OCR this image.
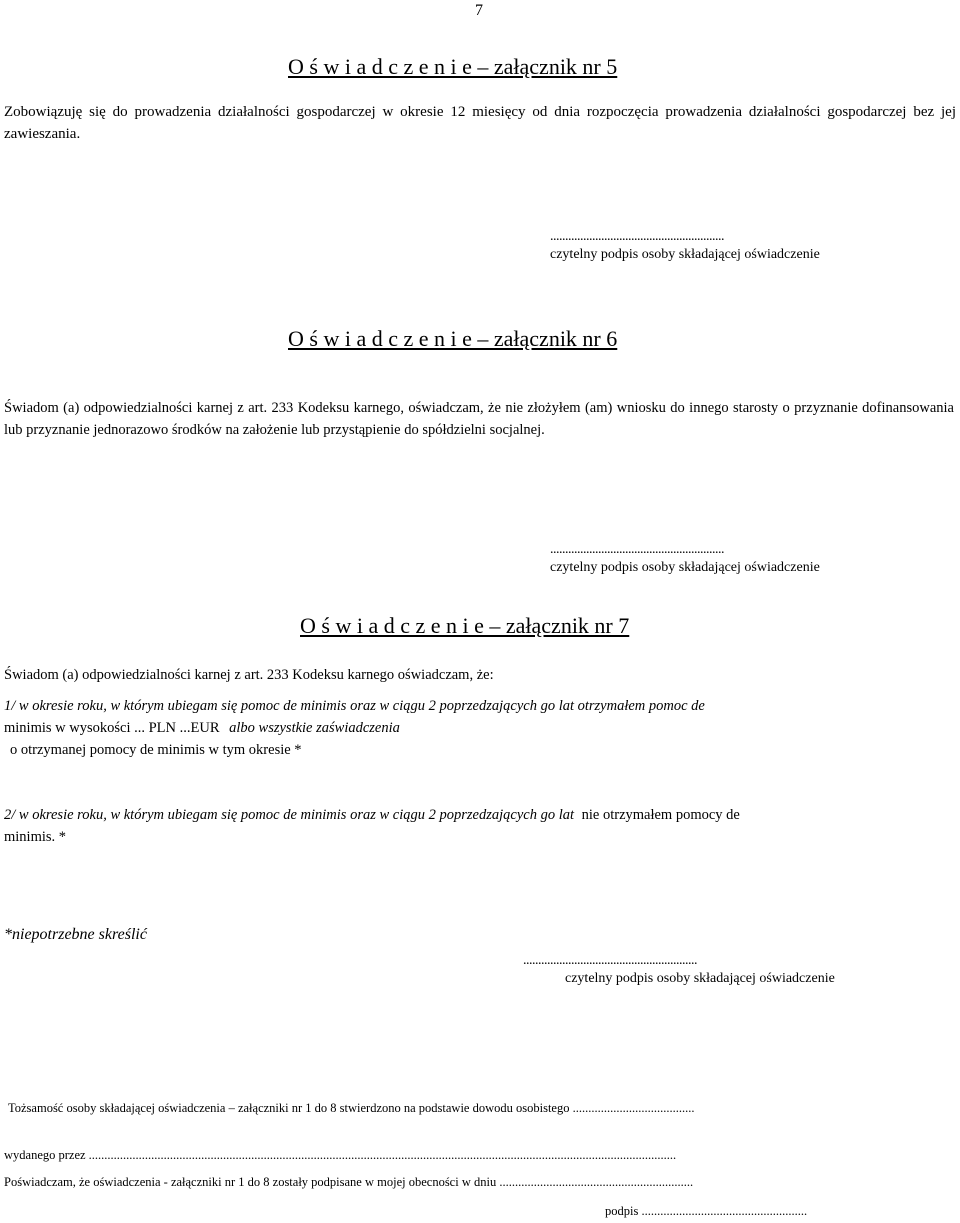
7
O ś w i a d c z e n i e – załącznik nr 5
Zobowiązuję się do prowadzenia działalności gospodarczej w okresie 12 miesięcy od dnia rozpoczęcia prowadzenia działalności gospodarczej bez jej zawieszania.
..........................................................
czytelny podpis osoby składającej oświadczenie
O ś w i a d c z e n i e – załącznik nr 6
Świadom (a) odpowiedzialności karnej z art. 233 Kodeksu karnego, oświadczam, że nie złożyłem (am) wniosku do innego starosty o przyznanie dofinansowania lub przyznanie jednorazowo środków na założenie lub przystąpienie do spółdzielni socjalnej.
..........................................................
czytelny podpis osoby składającej oświadczenie
O ś w i a d c z e n i e – załącznik nr 7
Świadom (a) odpowiedzialności karnej z art. 233 Kodeksu karnego oświadczam, że:
1/ w okresie roku, w którym ubiegam się pomoc de minimis oraz w ciągu 2 poprzedzających go lat otrzymałem pomoc de
minimis w wysokości ... PLN ...EUR albo wszystkie zaświadczenia
o otrzymanej pomocy de minimis w tym okresie *
2/ w okresie roku, w którym ubiegam się pomoc de minimis oraz w ciągu 2 poprzedzających go lat nie otrzymałem pomocy de
minimis. *
*niepotrzebne skreślić
..........................................................
czytelny podpis osoby składającej oświadczenie
Tożsamość osoby składającej oświadczenia – załączniki nr 1 do 8 stwierdzono na podstawie dowodu osobistego .......................................
wydanego przez ............................................................................................................................................................................................
Poświadczam, że oświadczenia - załączniki nr 1 do 8 zostały podpisane w mojej obecności w dniu ..............................................................
podpis .....................................................
